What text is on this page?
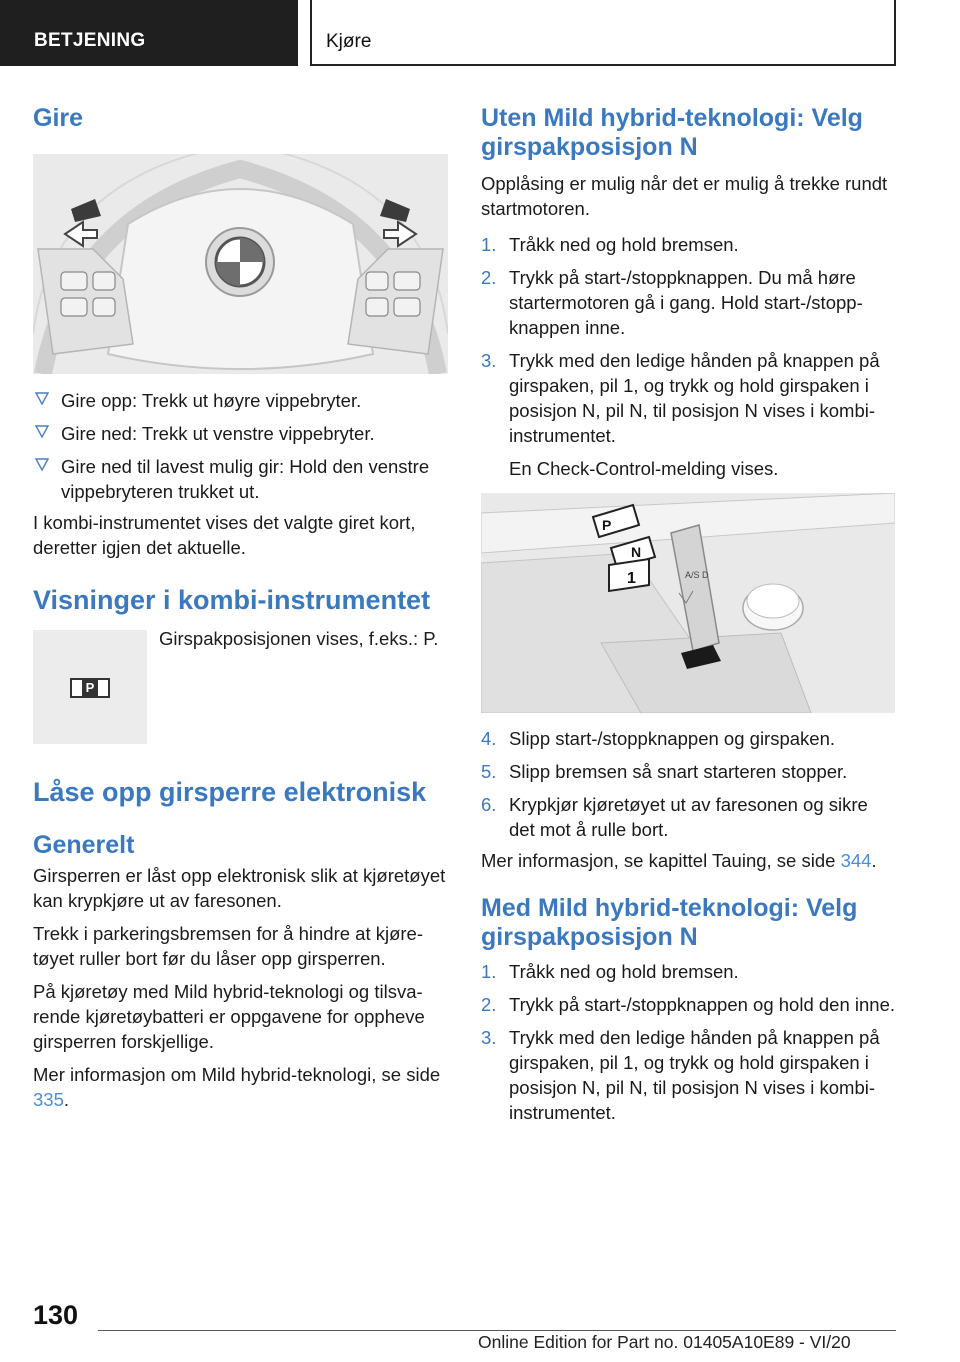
BETJENING	Kjøre
Gire
Gire opp: Trekk ut høyre vippebryter.
Gire ned: Trekk ut venstre vippebryter.
Gire ned til lavest mulig gir: Hold den venstre vippebryteren trukket ut.

I kombi-instrumentet vises det valgte giret kort, deretter igjen det aktuelle.

Visninger i kombi-instrumentet
P

Girspakposisjonen vises, f.eks.: P.

Låse opp girsperre elektronisk
Generelt

Girsperren er låst opp elektronisk slik at kjøretøyet kan krypkjøre ut av faresonen.

Trekk i parkeringsbremsen for å hindre at kjøretøyet ruller bort før du låser opp girsperren.

På kjøretøy med Mild hybrid-teknologi og tilsvarende kjøretøybatteri er oppgavene for oppheve girsperren forskjellige.

Mer informasjon om Mild hybrid-teknologi, se side 335.

Uten Mild hybrid-teknologi: Velg girspakposisjon N

Opplåsing er mulig når det er mulig å trekke rundt startmotoren.

1. Tråkk ned og hold bremsen.
2. Trykk på start-/stoppknappen. Du må høre startermotoren gå i gang. Hold start-/stoppknappen inne.
3. Trykk med den ledige hånden på knappen på girspaken, pil 1, og trykk og hold girspaken i posisjon N, pil N, til posisjon N vises i kombiinstrumentet.
En Check-Control-melding vises.
A/S D
P
N
1
4. Slipp start-/stoppknappen og girspaken.
5. Slipp bremsen så snart starteren stopper.
6. Krypkjør kjøretøyet ut av faresonen og sikre det mot å rulle bort.

Mer informasjon, se kapittel Tauing, se side 344.

Med Mild hybrid-teknologi: Velg girspakposisjon N
1. Tråkk ned og hold bremsen.
2. Trykk på start-/stoppknappen og hold den inne.
3. Trykk med den ledige hånden på knappen på girspaken, pil 1, og trykk og hold girspaken i posisjon N, pil N, til posisjon N vises i kombiinstrumentet.
130
Online Edition for Part no. 01405A10E89 - VI/20
